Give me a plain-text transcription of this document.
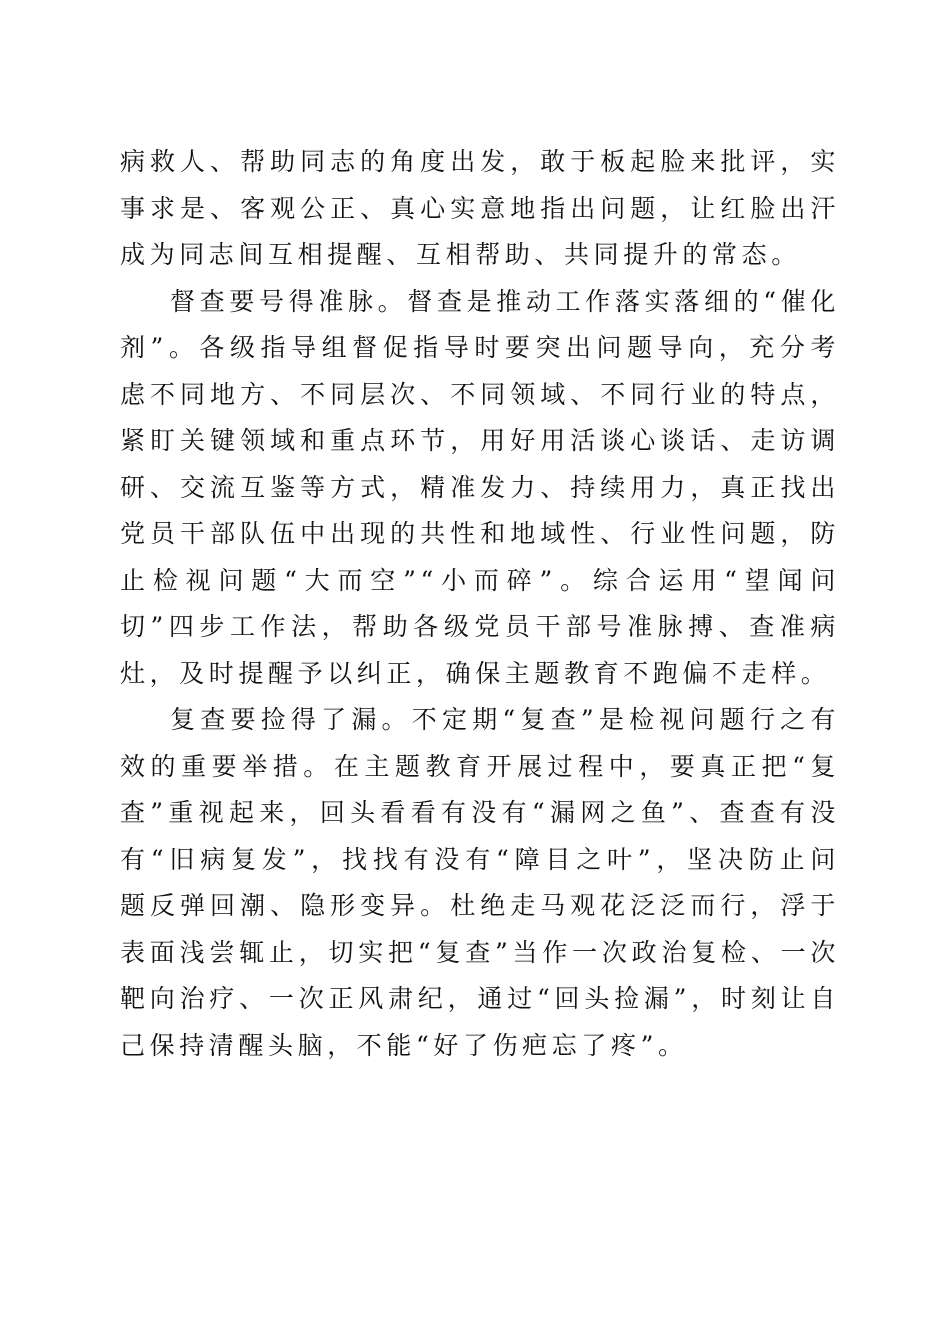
病救人、帮助同志的角度出发，敢于板起脸来批评，实事求是、客观公正、真心实意地指出问题，让红脸出汗成为同志间互相提醒、互相帮助、共同提升的常态。

督查要号得准脉。督查是推动工作落实落细的“催化剂”。各级指导组督促指导时要突出问题导向，充分考虑不同地方、不同层次、不同领域、不同行业的特点，紧盯关键领域和重点环节，用好用活谈心谈话、走访调研、交流互鉴等方式，精准发力、持续用力，真正找出党员干部队伍中出现的共性和地域性、行业性问题，防止检视问题“大而空”“小而碎”。综合运用“望闻问切”四步工作法，帮助各级党员干部号准脉搏、查准病灶，及时提醒予以纠正，确保主题教育不跑偏不走样。

复查要捡得了漏。不定期“复查”是检视问题行之有效的重要举措。在主题教育开展过程中，要真正把“复查”重视起来，回头看看有没有“漏网之鱼”、查查有没有“旧病复发”，找找有没有“障目之叶”，坚决防止问题反弹回潮、隐形变异。杜绝走马观花泛泛而行，浮于表面浅尝辄止，切实把“复查”当作一次政治复检、一次靶向治疗、一次正风肃纪，通过“回头捡漏”，时刻让自己保持清醒头脑，不能“好了伤疤忘了疼”。
